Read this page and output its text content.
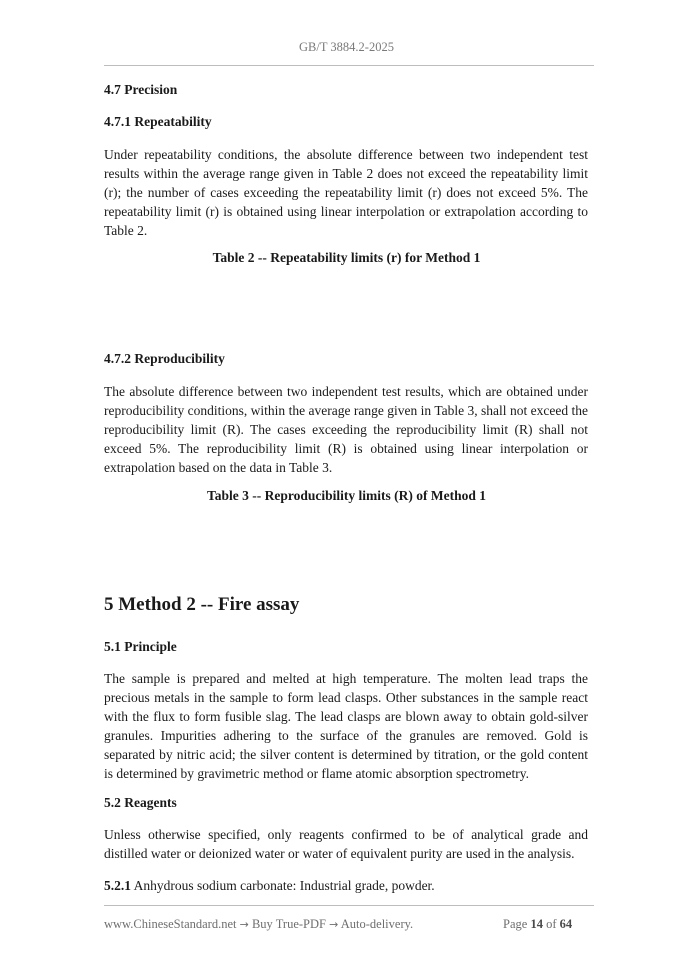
GB/T 3884.2-2025
4.7 Precision
4.7.1 Repeatability
Under repeatability conditions, the absolute difference between two independent test results within the average range given in Table 2 does not exceed the repeatability limit (r); the number of cases exceeding the repeatability limit (r) does not exceed 5%. The repeatability limit (r) is obtained using linear interpolation or extrapolation according to Table 2.
Table 2 -- Repeatability limits (r) for Method 1
4.7.2 Reproducibility
The absolute difference between two independent test results, which are obtained under reproducibility conditions, within the average range given in Table 3, shall not exceed the reproducibility limit (R). The cases exceeding the reproducibility limit (R) shall not exceed 5%. The reproducibility limit (R) is obtained using linear interpolation or extrapolation based on the data in Table 3.
Table 3 -- Reproducibility limits (R) of Method 1
5 Method 2 -- Fire assay
5.1 Principle
The sample is prepared and melted at high temperature. The molten lead traps the precious metals in the sample to form lead clasps. Other substances in the sample react with the flux to form fusible slag. The lead clasps are blown away to obtain gold-silver granules. Impurities adhering to the surface of the granules are removed. Gold is separated by nitric acid; the silver content is determined by titration, or the gold content is determined by gravimetric method or flame atomic absorption spectrometry.
5.2 Reagents
Unless otherwise specified, only reagents confirmed to be of analytical grade and distilled water or deionized water or water of equivalent purity are used in the analysis.
5.2.1 Anhydrous sodium carbonate: Industrial grade, powder.
www.ChineseStandard.net → Buy True-PDF → Auto-delivery.	Page 14 of 64
